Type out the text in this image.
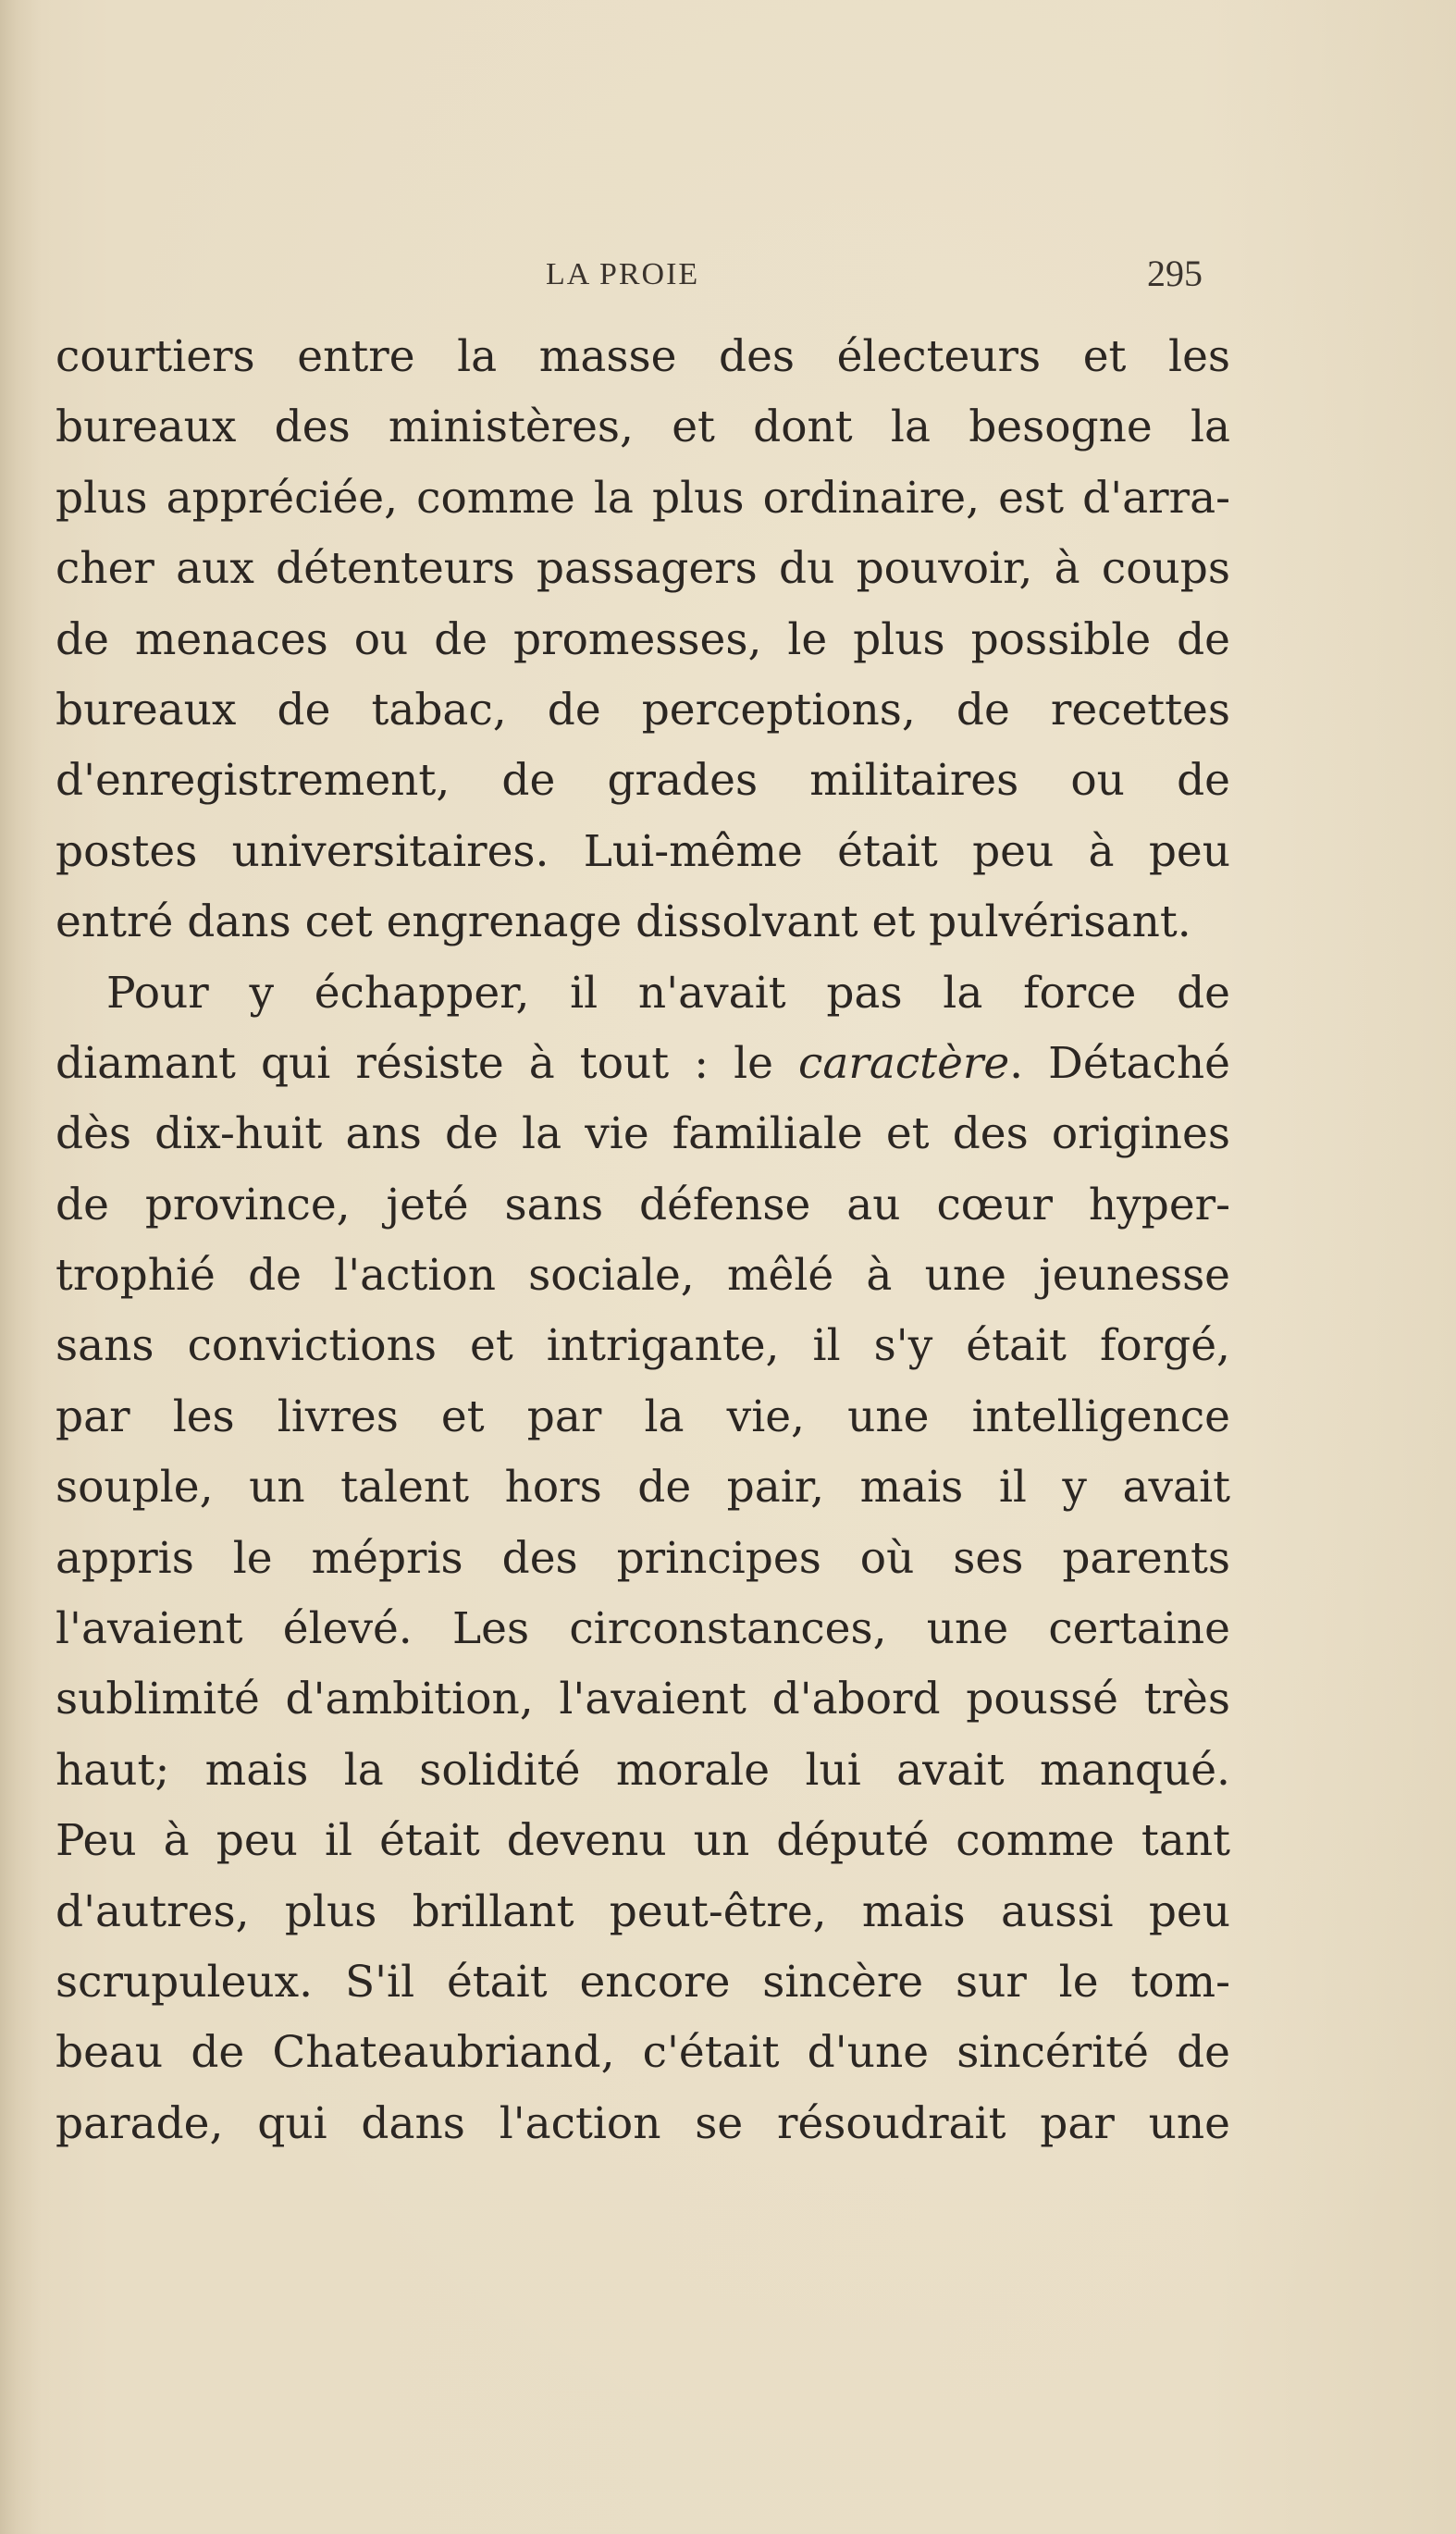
LA PROIE	295
courtiers entre la masse des électeurs et les
bureaux des ministères, et dont la besogne la
plus appréciée, comme la plus ordinaire, est d'arra-
cher aux détenteurs passagers du pouvoir, à coups
de menaces ou de promesses, le plus possible de
bureaux de tabac, de perceptions, de recettes
d'enregistrement, de grades militaires ou de
postes universitaires. Lui-même était peu à peu
entré dans cet engrenage dissolvant et pulvérisant.
Pour y échapper, il n'avait pas la force de
diamant qui résiste à tout : le caractère. Détaché
dès dix-huit ans de la vie familiale et des origines
de province, jeté sans défense au cœur hyper-
trophié de l'action sociale, mêlé à une jeunesse
sans convictions et intrigante, il s'y était forgé,
par les livres et par la vie, une intelligence
souple, un talent hors de pair, mais il y avait
appris le mépris des principes où ses parents
l'avaient élevé. Les circonstances, une certaine
sublimité d'ambition, l'avaient d'abord poussé très
haut; mais la solidité morale lui avait manqué.
Peu à peu il était devenu un député comme tant
d'autres, plus brillant peut-être, mais aussi peu
scrupuleux. S'il était encore sincère sur le tom-
beau de Chateaubriand, c'était d'une sincérité de
parade, qui dans l'action se résoudrait par une
